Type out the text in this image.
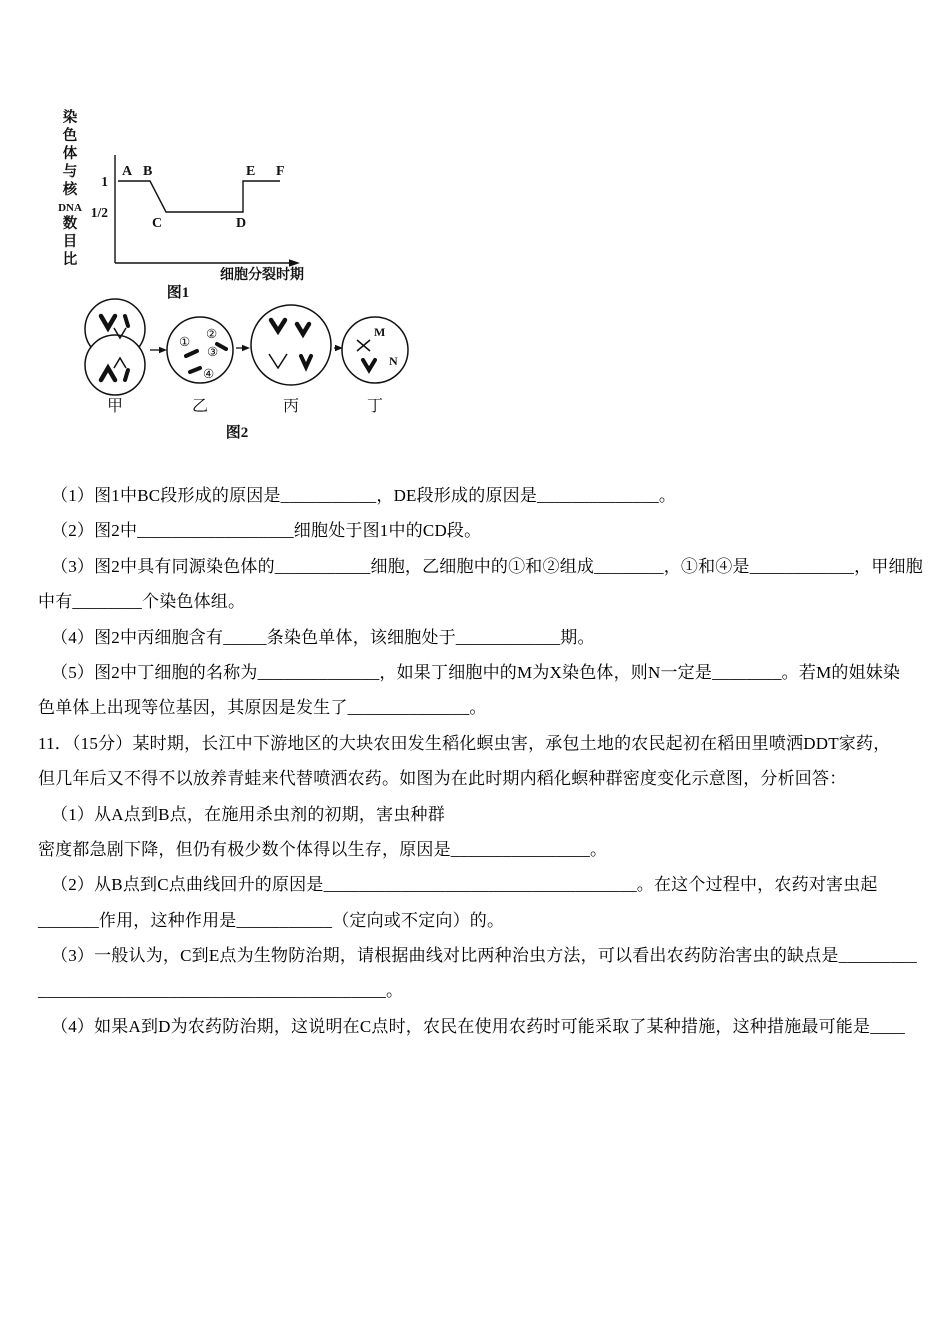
染
色
体
与
核
DNA
数
目
比
1
1/2
A B
C	D
E F
细胞分裂时期
图1
①
②
③
④
M
N
甲	乙	丙	丁
图2
（1）图1中BC段形成的原因是___________，DE段形成的原因是______________。
（2）图2中__________________细胞处于图1中的CD段。
（3）图2中具有同源染色体的___________细胞，乙细胞中的①和②组成________，①和④是____________，甲细胞
中有________个染色体组。
（4）图2中丙细胞含有_____条染色单体，该细胞处于____________期。
（5）图2中丁细胞的名称为______________，如果丁细胞中的M为X染色体，则N一定是________。若M的姐妹染
色单体上出现等位基因，其原因是发生了______________。
11．（15分）某时期，长江中下游地区的大块农田发生稻化螟虫害，承包土地的农民起初在稻田里喷洒DDT家药，
但几年后又不得不以放养青蛙来代替喷洒农药。如图为在此时期内稻化螟种群密度变化示意图，分析回答：
（1）从A点到B点，在施用杀虫剂的初期，害虫种群
密度都急剧下降，但仍有极少数个体得以生存，原因是________________。
（2）从B点到C点曲线回升的原因是____________________________________。在这个过程中，农药对害虫起
_______作用，这种作用是___________（定向或不定向）的。
（3）一般认为，C到E点为生物防治期，请根据曲线对比两种治虫方法，可以看出农药防治害虫的缺点是_________
________________________________________。
（4）如果A到D为农药防治期，这说明在C点时，农民在使用农药时可能采取了某种措施，这种措施最可能是____
